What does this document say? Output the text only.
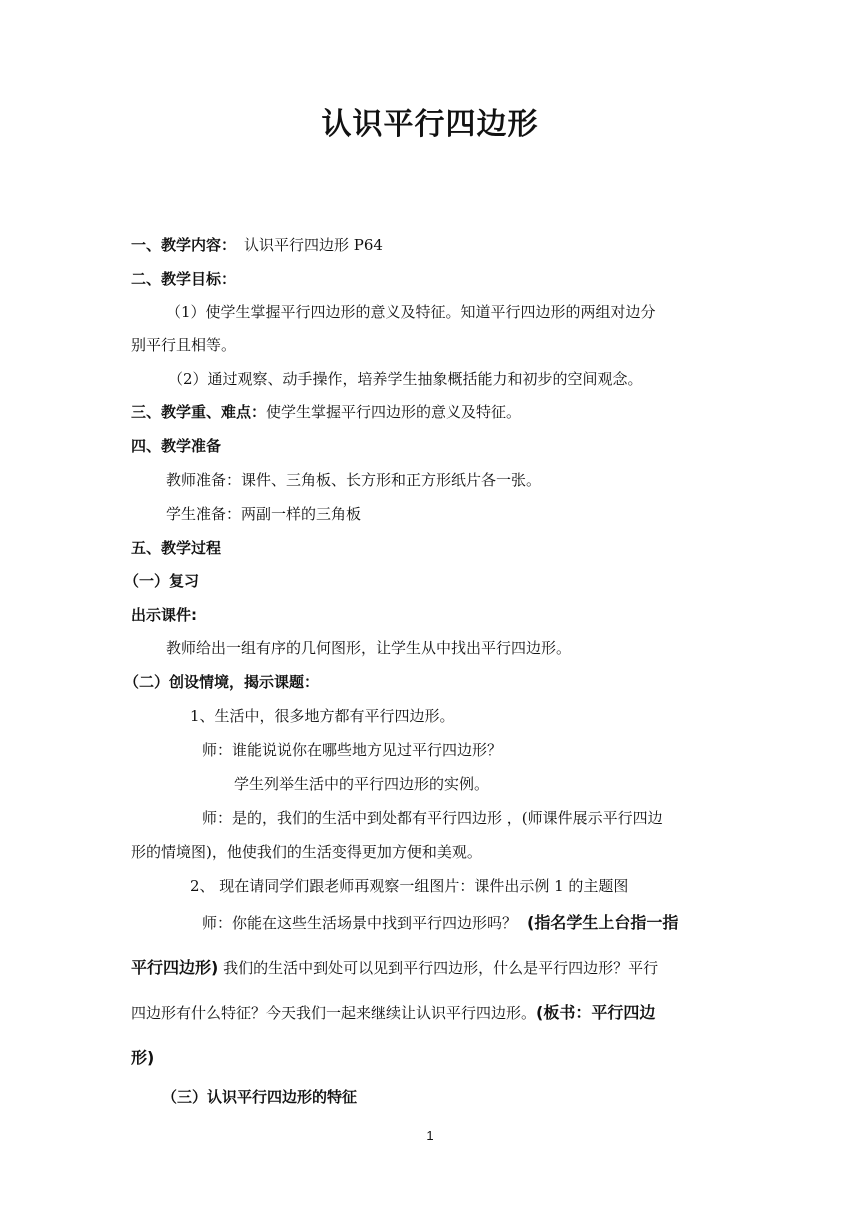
认识平行四边形
一、教学内容： 认识平行四边形 P64
二、教学目标：
（1）使学生掌握平行四边形的意义及特征。知道平行四边形的两组对边分
别平行且相等。
（2）通过观察、动手操作，培养学生抽象概括能力和初步的空间观念。
三、教学重、难点：使学生掌握平行四边形的意义及特征。
四、教学准备
教师准备：课件、三角板、长方形和正方形纸片各一张。
学生准备：两副一样的三角板
五、教学过程
（一）复习
出示课件:
教师给出一组有序的几何图形，让学生从中找出平行四边形。
（二）创设情境，揭示课题：
1、生活中，很多地方都有平行四边形。
师：谁能说说你在哪些地方见过平行四边形？
学生列举生活中的平行四边形的实例。
师：是的，我们的生活中到处都有平行四边形 ，(师课件展示平行四边
形的情境图)，他使我们的生活变得更加方便和美观。
2、 现在请同学们跟老师再观察一组图片：课件出示例 1 的主题图
师：你能在这些生活场景中找到平行四边形吗？ (指名学生上台指一指
平行四边形) 我们的生活中到处可以见到平行四边形，什么是平行四边形？平行
四边形有什么特征？今天我们一起来继续让认识平行四边形。(板书：平行四边
形)
（三）认识平行四边形的特征
1
